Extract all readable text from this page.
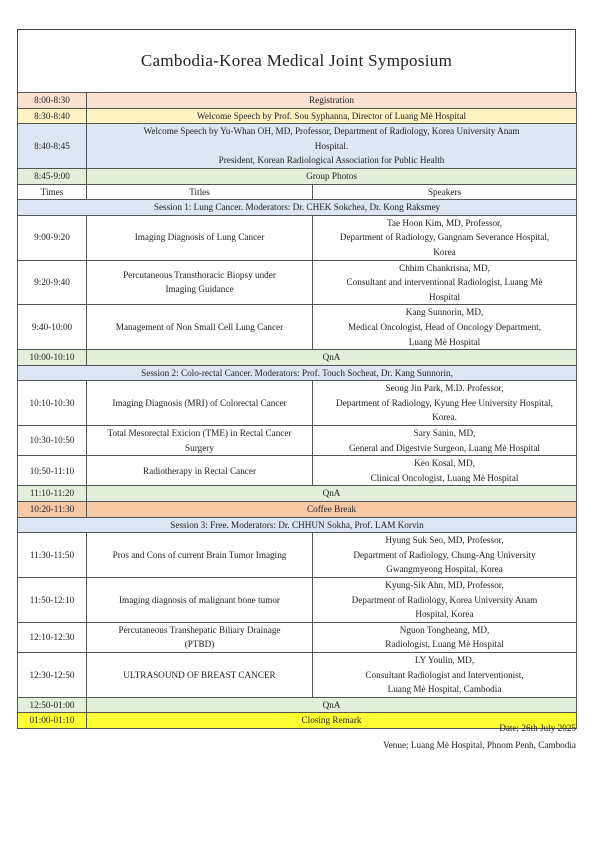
Cambodia-Korea Medical Joint Symposium
8:00-8:30	Registration	
8:30-8:40	Welcome Speech by Prof. Sou Syphanna, Director of Luang Mè Hospital	
8:40-8:45	Welcome Speech by Yu-Whan OH, MD, Professor, Department of Radiology, Korea University Anam
Hospital.
President, Korean Radiological Association for Public Health	

8:45-9:00	Group Photos	
Times	Titles	Speakers
Session 1: Lung Cancer. Moderators: Dr. CHEK Sokchea, Dr. Kong Raksmey		
9:00-9:20	Imaging Diagnosis of Lung Cancer	Tae Hoon Kim, MD, Professor,
Department of Radiology, Gangnam Severance Hospital,
Korea

9:20-9:40	Percutaneous Transthoracic Biopsy under
Imaging Guidance	Chhim Chankrisna, MD,
Consultant and interventional Radiologist, Luang Mè
Hospital

9:40-10:00	Management of Non Small Cell Lung Cancer	Kang Sunnorin, MD,
Medical Oncologist, Head of Oncology Department,
Luang Mè Hospital

10:00-10:10	QnA	
Session 2: Colo-rectal Cancer. Moderators: Prof. Touch Socheat, Dr. Kang Sunnorin,		
10:10-10:30	Imaging Diagnosis (MRI) of Colorectal Cancer	Seong Jin Park, M.D. Professor,
Department of Radiology, Kyung Hee University Hospital,
Korea.

10:30-10:50	Total Mesorectal Exicion (TME) in Rectal Cancer
Surgery	Sary Sanin, MD,
General and Digestvie Surgeon, Luang Mè Hospital

10:50-11:10	Radiotherapy in Rectal Cancer	Keo Kosal, MD,
Clinical Oncologist, Luang Mè Hospital

11:10-11:20	QnA	
10:20-11:30	Coffee Break	
Session 3: Free. Moderators: Dr. CHHUN Sokha, Prof. LAM Korvin		
11:30-11:50	Pros and Cons of current Brain Tumor Imaging	Hyung Suk Seo, MD, Professor,
Department of Radiology, Chung-Ang University
Gwangmyeong Hospital, Korea

11:50-12:10	Imaging diagnosis of malignant bone tumor	Kyung-Sik Ahn, MD, Professor,
Department of Radiology, Korea University Anam
Hospital, Korea

12:10-12:30	Percutaneous Transhepatic Biliary Drainage
(PTBD)	Nguon Tongheang, MD,
Radiologist, Luang Mè Hospital

12:30-12:50	ULTRASOUND OF BREAST CANCER	LY Youlin, MD,
Consultant Radiologist and Interventionist,
Luang Mè Hospital, Cambodia

12:50-01:00	QnA	
01:00-01:10	Closing Remark	
Date; 26th July 2025
Venue; Luang Mè Hospital, Phnom Penh, Cambodia
